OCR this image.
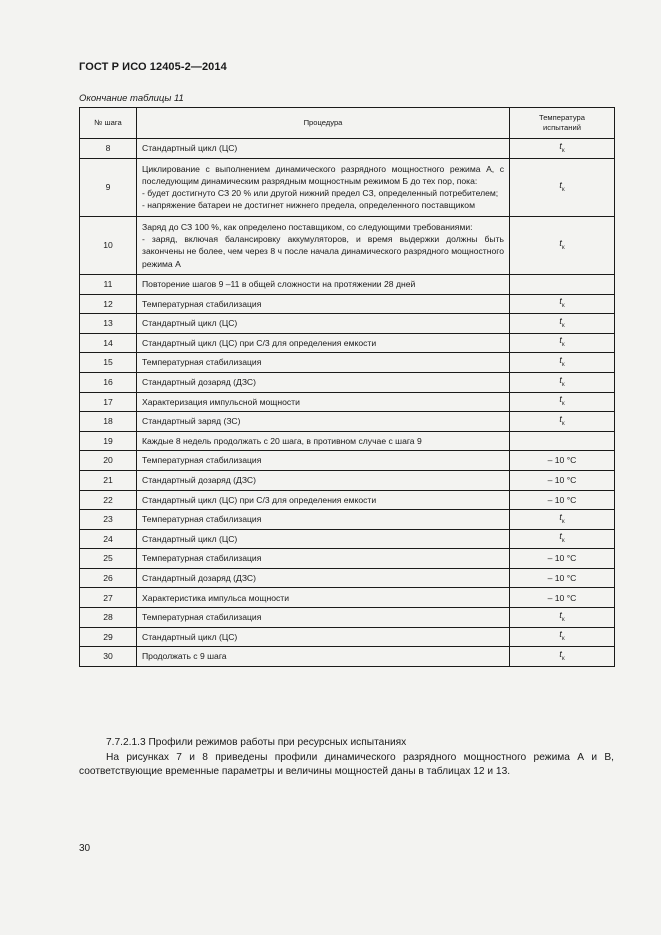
ГОСТ Р ИСО 12405-2—2014
Окончание таблицы 11
№ шага	Процедура	Температура испытаний
8	Стандартный цикл (ЦС)	$t_к$
9	Циклирование с выполнением динамического разрядного мощностного режима А, с последующим динамическим разрядным мощностным режимом Б до тех пор, пока:
- будет достигнуто СЗ 20 % или другой нижний предел СЗ, определенный потребителем;
- напряжение батареи не достигнет нижнего предела, определенного поставщиком	$t_к$
10	Заряд до СЗ 100 %, как определено поставщиком, со следующими требованиями:
- заряд, включая балансировку аккумуляторов, и время выдержки должны быть закончены не более, чем через 8 ч после начала динамического разрядного мощностного режима А	$t_к$
11	Повторение шагов 9 –11 в общей сложности на протяжении 28 дней	

12	Температурная стабилизация	$t_к$
13	Стандартный цикл (ЦС)	$t_к$
14	Стандартный цикл (ЦС) при С/3 для определения емкости	$t_к$
15	Температурная стабилизация	$t_к$
16	Стандартный дозаряд (ДЗС)	$t_к$
17	Характеризация импульсной мощности	$t_к$
18	Стандартный заряд (ЗС)	$t_к$
19	Каждые 8 недель продолжать с 20 шага, в противном случае с шага 9	

20	Температурная стабилизация	– 10 °C
21	Стандартный дозаряд (ДЗС)	– 10 °C
22	Стандартный цикл (ЦС) при С/3 для определения емкости	– 10 °C
23	Температурная стабилизация	$t_к$
24	Стандартный цикл (ЦС)	$t_к$
25	Температурная стабилизация	– 10 °C
26	Стандартный дозаряд (ДЗС)	– 10 °C
27	Характеристика импульса мощности	– 10 °C
28	Температурная стабилизация	$t_к$
29	Стандартный цикл (ЦС)	$t_к$
30	Продолжать с 9 шага	$t_к$
7.7.2.1.3 Профили режимов работы при ресурсных испытаниях
На рисунках 7 и 8 приведены профили динамического разрядного мощностного режима А и В, соответствующие временные параметры и величины мощностей даны в таблицах 12 и 13.
30
